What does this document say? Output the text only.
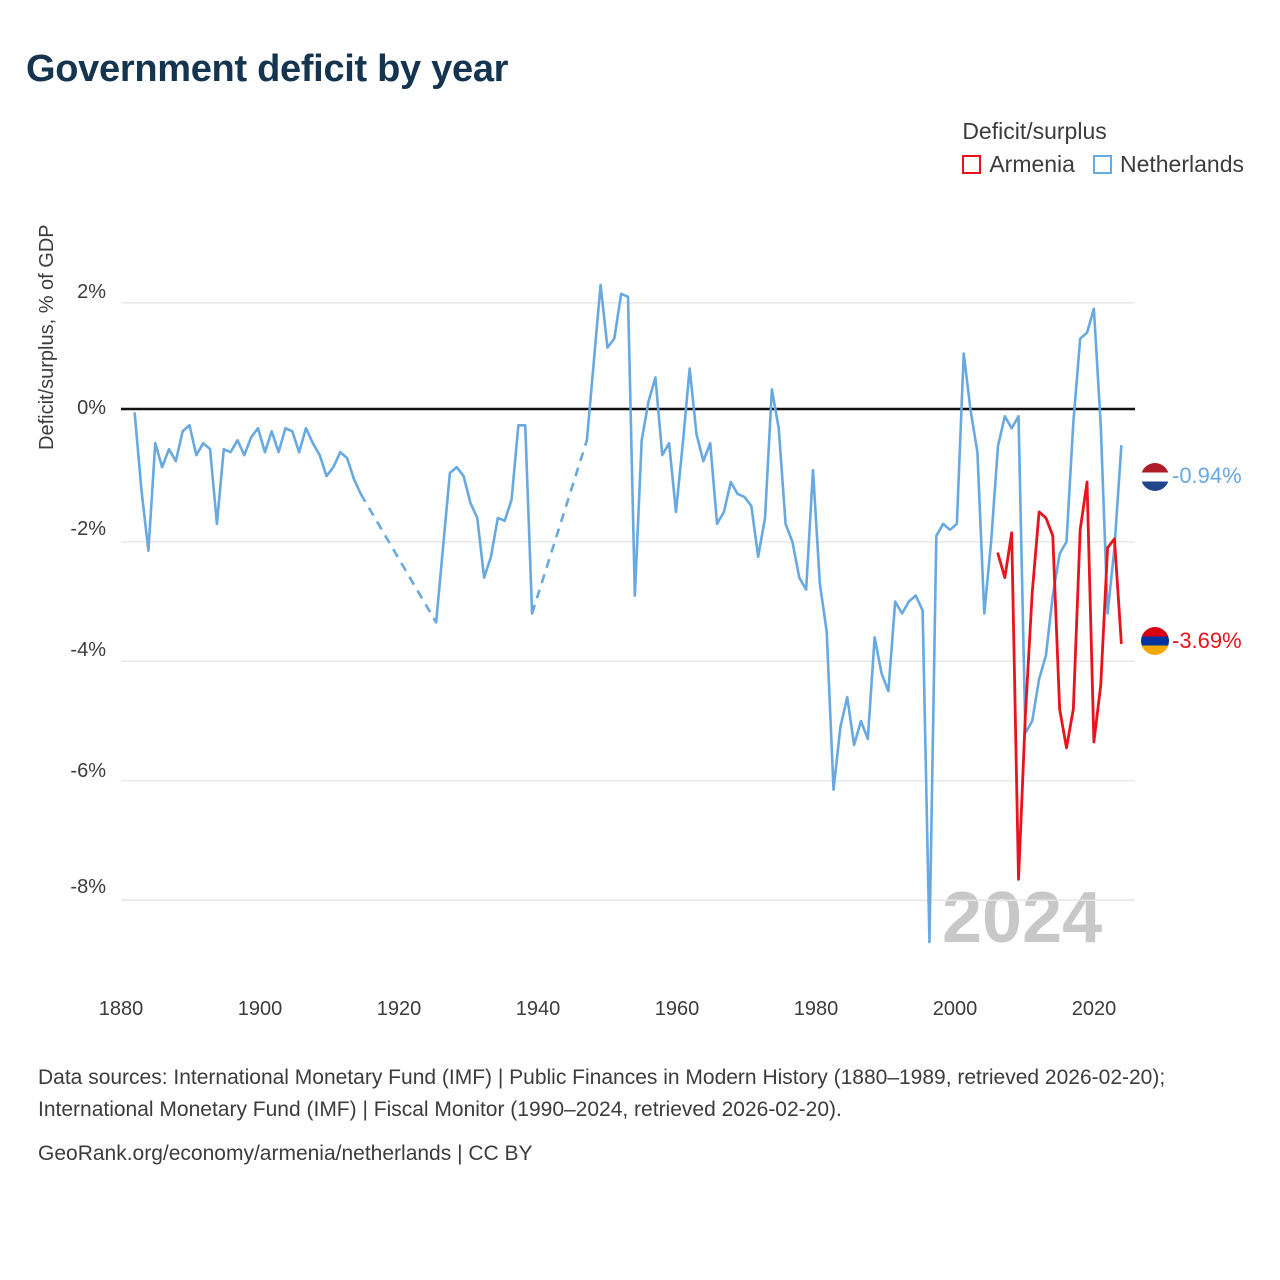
Government deficit by year
Deficit/surplus
Armenia Netherlands
Deficit/surplus, % of GDP 2%
0%
-2%
-4%
-6%
-8%
1880	1900	1920	1940	1960	1980	2000	2020
2024
-0.94%
-3.69%
Data sources: International Monetary Fund (IMF) | Public Finances in Modern History (1880–1989, retrieved 2026-02-20); International Monetary Fund (IMF) | Fiscal Monitor (1990–2024, retrieved 2026-02-20).
GeoRank.org/economy/armenia/netherlands | CC BY
